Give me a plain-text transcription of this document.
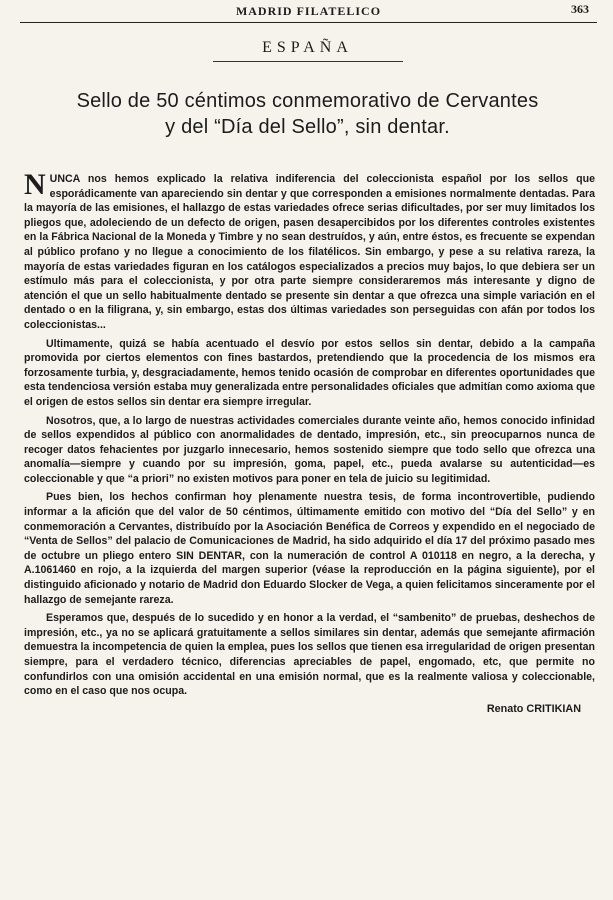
MADRID FILATELICO	363
ESPAÑA
Sello de 50 céntimos conmemorativo de Cervantes
y del “Día del Sello”, sin dentar.

NUNCA nos hemos explicado la relativa indiferencia del coleccionista español por los sellos que esporádicamente van apareciendo sin dentar y que corresponden a emisiones normalmente dentadas. Para la mayoría de las emisiones, el hallazgo de estas variedades ofrece serias dificultades, por ser muy limitados los pliegos que, adoleciendo de un defecto de origen, pasen desapercibidos por los diferentes controles existentes en la Fábrica Nacional de la Moneda y Timbre y no sean destruídos, y aún, entre éstos, es frecuente se expendan al público profano y no llegue a conocimiento de los filatélicos. Sin embargo, y pese a su relativa rareza, la mayoría de estas variedades figuran en los catálogos especializados a precios muy bajos, lo que debiera ser un estímulo más para el coleccionista, y por otra parte siempre consideraremos más interesante y digno de atención el que un sello habitualmente dentado se presente sin dentar a que ofrezca una simple variación en el dentado o en la filigrana, y, sin embargo, estas dos últimas variedades son perseguidas con afán por todos los coleccionistas...

Ultimamente, quizá se había acentuado el desvío por estos sellos sin dentar, debido a la campaña promovida por ciertos elementos con fines bastardos, pretendiendo que la procedencia de los mismos era forzosamente turbia, y, desgraciadamente, hemos tenido ocasión de comprobar en diferentes oportunidades que esta tendenciosa versión estaba muy generalizada entre personalidades oficiales que admitían como axioma que el origen de estos sellos sin dentar era siempre irregular.

Nosotros, que, a lo largo de nuestras actividades comerciales durante veinte año, hemos conocido infinidad de sellos expendidos al público con anormalidades de dentado, impresión, etc., sin preocuparnos nunca de recoger datos fehacientes por juzgarlo innecesario, hemos sostenido siempre que todo sello que ofrezca una anomalía—siempre y cuando por su impresión, goma, papel, etc., pueda avalarse su autenticidad—es coleccionable y que “a priori” no existen motivos para poner en tela de juicio su legitimidad.

Pues bien, los hechos confirman hoy plenamente nuestra tesis, de forma incontrovertible, pudiendo informar a la afición que del valor de 50 céntimos, últimamente emitido con motivo del “Día del Sello” y en conmemoración a Cervantes, distribuído por la Asociación Benéfica de Correos y expendido en el negociado de “Venta de Sellos” del palacio de Comunicaciones de Madrid, ha sido adquirido el día 17 del próximo pasado mes de octubre un pliego entero SIN DENTAR, con la numeración de control A 010118 en negro, a la derecha, y A.1061460 en rojo, a la izquierda del margen superior (véase la reproducción en la página siguiente), por el distinguido aficionado y notario de Madrid don Eduardo Slocker de Vega, a quien felicitamos sinceramente por el hallazgo de semejante rareza.

Esperamos que, después de lo sucedido y en honor a la verdad, el “sambenito” de pruebas, deshechos de impresión, etc., ya no se aplicará gratuitamente a sellos similares sin dentar, además que semejante afirmación demuestra la incompetencia de quien la emplea, pues los sellos que tienen esa irregularidad de origen presentan siempre, para el verdadero técnico, diferencias apreciables de papel, engomado, etc, que permite no confundirlos con una omisión accidental en una emisión normal, que es la realmente valiosa y coleccionable, como en el caso que nos ocupa.

Renato CRITIKIAN
